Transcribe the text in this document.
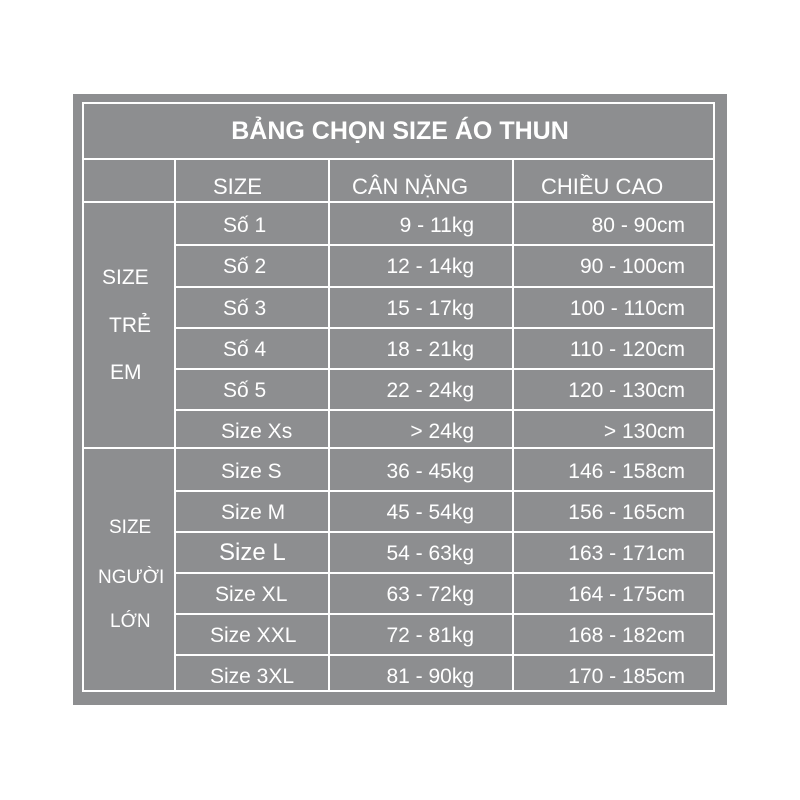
BẢNG CHỌN SIZE ÁO THUN
SIZE	CÂN NẶNG	CHIỀU CAO
SIZE
TRẺ
EM
SIZE
NGƯỜI
LỚN
Số 1	9 - 11kg	80 - 90cm
Số 2	12 - 14kg	90 - 100cm
Số 3	15 - 17kg	100 - 110cm
Số 4	18 - 21kg	110 - 120cm
Số 5	22 - 24kg	120 - 130cm
Size Xs	> 24kg	> 130cm
Size S	36 - 45kg	146 - 158cm
Size M	45 - 54kg	156 - 165cm
Size L	54 - 63kg	163 - 171cm
Size XL	63 - 72kg	164 - 175cm
Size XXL	72 - 81kg	168 - 182cm
Size 3XL	81 - 90kg	170 - 185cm
